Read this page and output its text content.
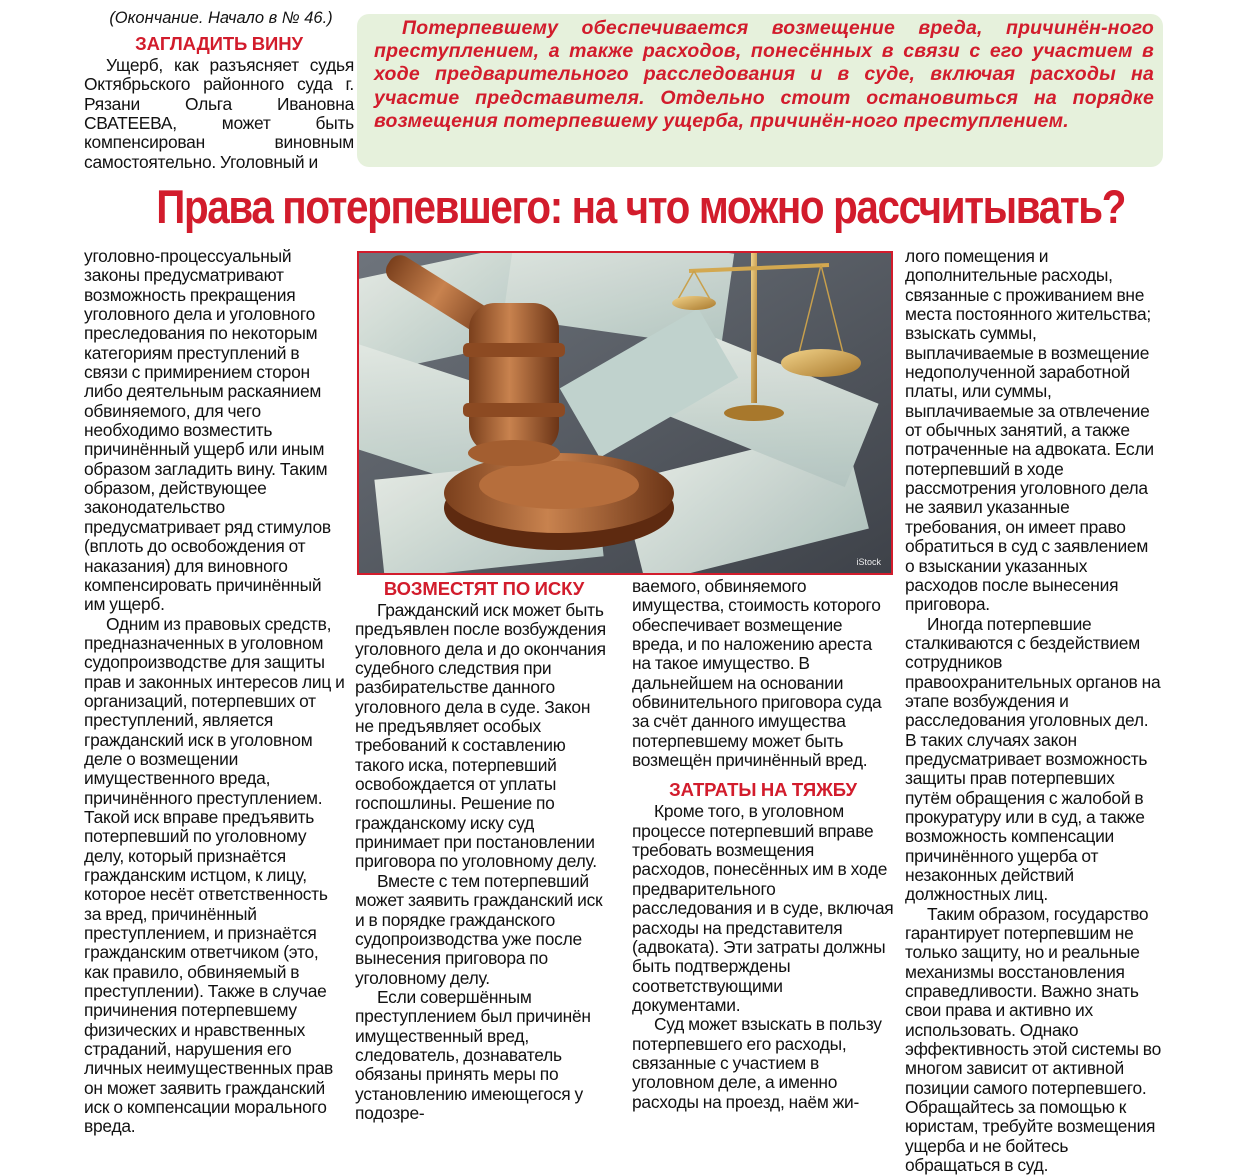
(Окончание. Начало в № 46.)
ЗАГЛАДИТЬ ВИНУ

Ущерб, как разъясняет судья Октябрьского районного суда г. Рязани Ольга Ивановна СВАТЕЕВА, может быть компенсирован виновным самостоятельно. Уголовный и

Потерпевшему обеспечивается возмещение вреда, причинён-ного преступлением, а также расходов, понесённых в связи с его участием в ходе предварительного расследования и в суде, включая расходы на участие представителя. Отдельно стоит остановиться на порядке возмещения потерпевшему ущерба, причинён-ного преступлением.
Права потерпевшего: на что можно рассчитывать?

уголовно-процессуальный законы предусматривают возможность прекращения уголовного дела и уголовного преследования по некоторым категориям преступлений в связи с примирением сторон либо деятельным раскаянием обвиняемого, для чего необходимо возместить причинённый ущерб или иным образом загладить вину. Таким образом, действующее законодательство предусматривает ряд стимулов (вплоть до освобождения от наказания) для виновного компенсировать причинённый им ущерб.

Одним из правовых средств, предназначенных в уголовном судопроизводстве для защиты прав и законных интересов лиц и организаций, потерпевших от преступлений, является гражданский иск в уголовном деле о возмещении имущественного вреда, причинённого преступлением. Такой иск вправе предъявить потерпевший по уголовному делу, который признаётся гражданским истцом, к лицу, которое несёт ответственность за вред, причинённый преступлением, и признаётся гражданским ответчиком (это, как правило, обвиняемый в преступлении). Также в случае причинения потерпевшему физических и нравственных страданий, нарушения его личных неимущественных прав он может заявить гражданский иск о компенсации морального вреда.

iStock
ВОЗМЕСТЯТ ПО ИСКУ

Гражданский иск может быть предъявлен после возбуждения уголовного дела и до окончания судебного следствия при разбирательстве данного уголовного дела в суде. Закон не предъявляет особых требований к составлению такого иска, потерпевший освобождается от уплаты госпошлины. Решение по гражданскому иску суд принимает при постановлении приговора по уголовному делу.

Вместе с тем потерпевший может заявить гражданский иск и в порядке гражданского судопроизводства уже после вынесения приговора по уголовному делу.

Если совершённым преступлением был причинён имущественный вред, следователь, дознаватель обязаны принять меры по установлению имеющегося у подозре-

ваемого, обвиняемого имущества, стоимость которого обеспечивает возмещение вреда, и по наложению ареста на такое имущество. В дальнейшем на основании обвинительного приговора суда за счёт данного имущества потерпевшему может быть возмещён причинённый вред.

ЗАТРАТЫ НА ТЯЖБУ

Кроме того, в уголовном процессе потерпевший вправе требовать возмещения расходов, понесённых им в ходе предварительного расследования и в суде, включая расходы на представителя (адвоката). Эти затраты должны быть подтверждены соответствующими документами.

Суд может взыскать в пользу потерпевшего его расходы, связанные с участием в уголовном деле, а именно расходы на проезд, наём жи-

лого помещения и дополнительные расходы, связанные с проживанием вне места постоянного жительства; взыскать суммы, выплачиваемые в возмещение недополученной заработной платы, или суммы, выплачиваемые за отвлечение от обычных занятий, а также потраченные на адвоката. Если потерпевший в ходе рассмотрения уголовного дела не заявил указанные требования, он имеет право обратиться в суд с заявлением о взыскании указанных расходов после вынесения приговора.

Иногда потерпевшие сталкиваются с бездействием сотрудников правоохранительных органов на этапе возбуждения и расследования уголовных дел. В таких случаях закон предусматривает возможность защиты прав потерпевших путём обращения с жалобой в прокуратуру или в суд, а также возможность компенсации причинённого ущерба от незаконных действий должностных лиц.

Таким образом, государство гарантирует потерпевшим не только защиту, но и реальные механизмы восстановления справедливости. Важно знать свои права и активно их использовать. Однако эффективность этой системы во многом зависит от активной позиции самого потерпевшего. Обращайтесь за помощью к юристам, требуйте возмещения ущерба и не бойтесь обращаться в суд.
